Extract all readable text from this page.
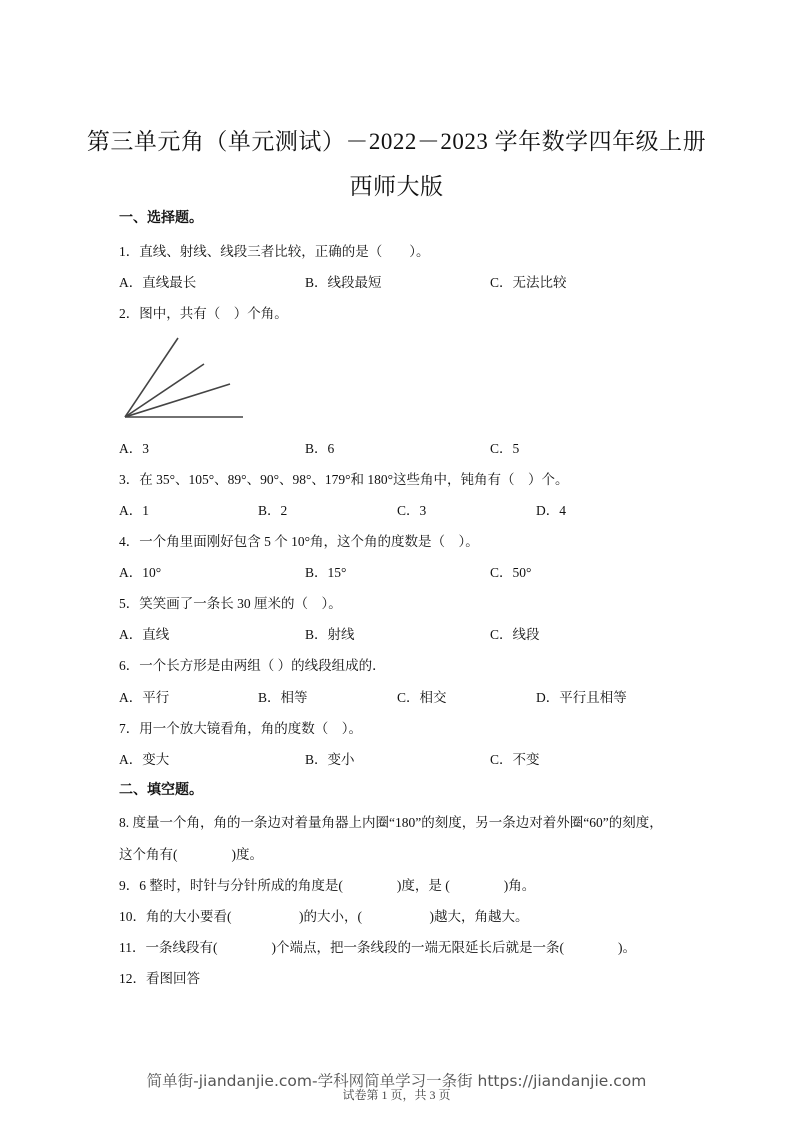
第三单元角（单元测试）－2022－2023 学年数学四年级上册
西师大版
一、选择题。
1．直线、射线、线段三者比较，正确的是（　　）。
A．直线最长	B．线段最短	C．无法比较
2．图中，共有（　）个角。
A．3	B．6	C．5
3．在 35°、105°、89°、90°、98°、179°和 180°这些角中，钝角有（　）个。
A．1	B．2	C．3	D．4
4．一个角里面刚好包含 5 个 10°角，这个角的度数是（　）。
A．10°	B．15°	C．50°
5．笑笑画了一条长 30 厘米的（　）。
A．直线	B．射线	C．线段
6．一个长方形是由两组（ ）的线段组成的．
A．平行	B．相等	C．相交	D．平行且相等
7．用一个放大镜看角，角的度数（　）。
A．变大	B．变小	C．不变
二、填空题。
8. 度量一个角，角的一条边对着量角器上内圈“180”的刻度，另一条边对着外圈“60”的刻度，
这个角有(　　　　)度。
9．6 整时，时针与分针所成的角度是(　　　　)度，是 (　　　　)角。
10．角的大小要看(　　　　　)的大小，(　　　　　)越大，角越大。
11．一条线段有(　　　　)个端点，把一条线段的一端无限延长后就是一条(　　　　)。
12．看图回答
简单街-jiandanjie.com-学科网简单学习一条街 https://jiandanjie.com
试卷第 1 页，共 3 页
